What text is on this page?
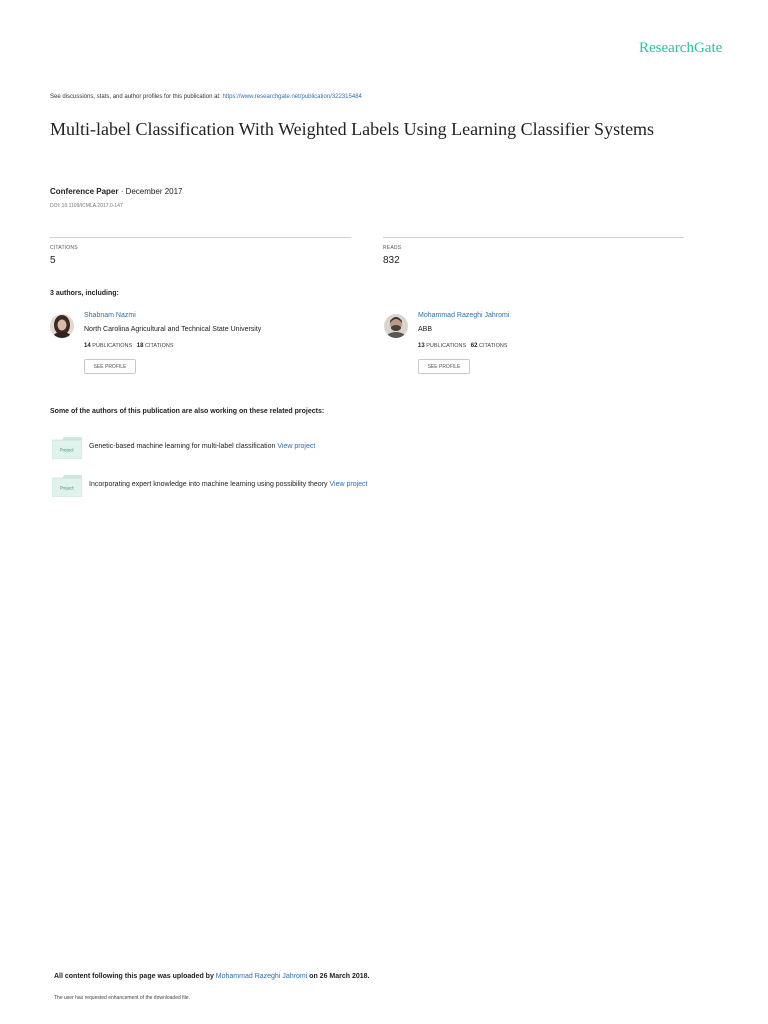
ResearchGate
See discussions, stats, and author profiles for this publication at: https://www.researchgate.net/publication/322315484
Multi-label Classification With Weighted Labels Using Learning Classifier Systems
Conference Paper · December 2017
DOI: 10.1109/ICMLA.2017.0-147
CITATIONS
5
READS
832
3 authors, including:
Shabnam Nazmi
North Carolina Agricultural and Technical State University
14 PUBLICATIONS 18 CITATIONS
SEE PROFILE
Mohammad Razeghi Jahromi
ABB
13 PUBLICATIONS 62 CITATIONS
SEE PROFILE
Some of the authors of this publication are also working on these related projects:
Project Genetic-based machine learning for multi-label classification View project
Project Incorporating expert knowledge into machine learning using possibility theory View project
All content following this page was uploaded by Mohammad Razeghi Jahromi on 26 March 2018.
The user has requested enhancement of the downloaded file.
